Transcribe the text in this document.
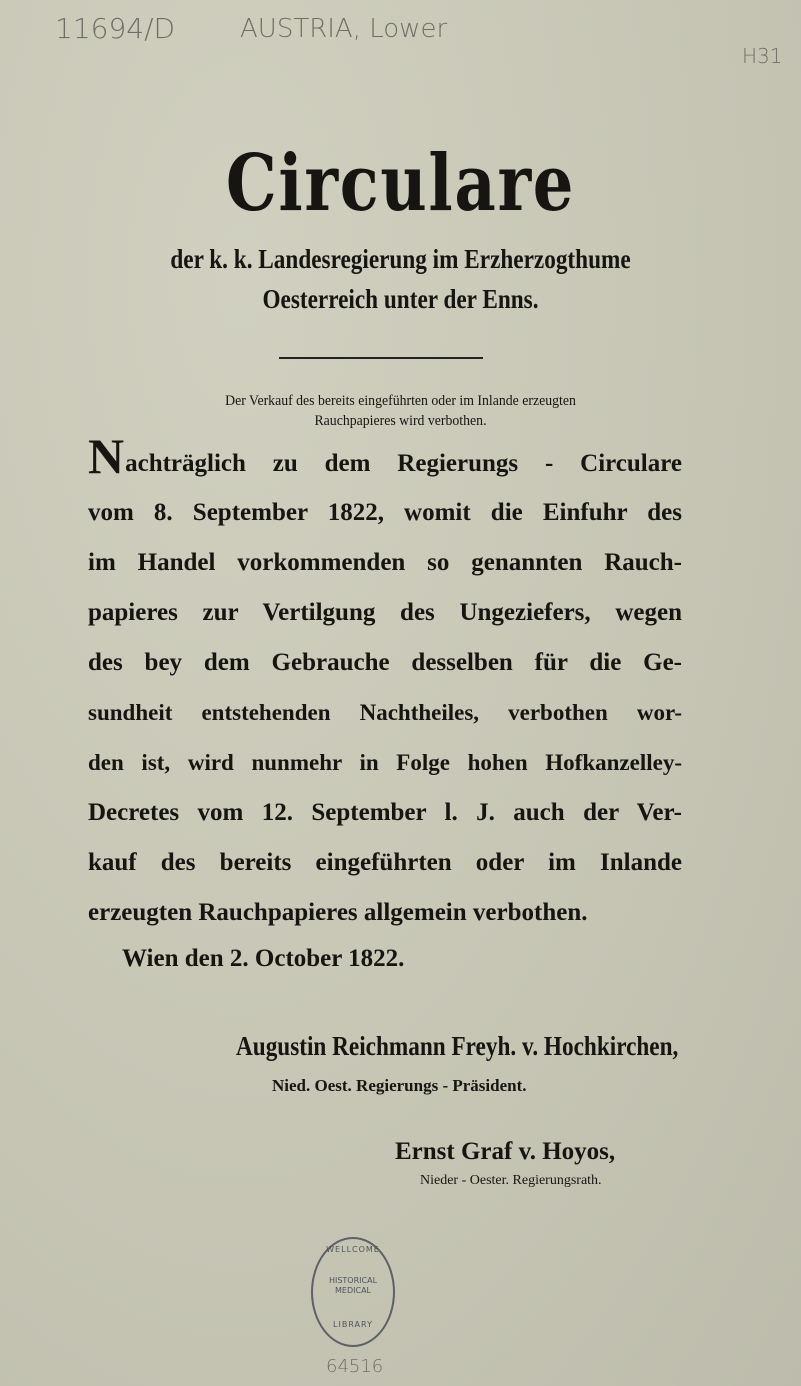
11694/D AUSTRIA, Lower
H31
Circulare
der k. k. Landesregierung im Erzherzogthume
Oesterreich unter der Enns.
Der Verkauf des bereits eingeführten oder im Inlande erzeugten
Rauchpapieres wird verbothen.
Nachträglich zu dem Regierungs - Circulare
vom 8. September 1822, womit die Einfuhr des
im Handel vorkommenden so genannten Rauch-
papieres zur Vertilgung des Ungeziefers, wegen
des bey dem Gebrauche desselben für die Ge-
sundheit entstehenden Nachtheiles, verbothen wor-
den ist, wird nunmehr in Folge hohen Hofkanzelley-
Decretes vom 12. September l. J. auch der Ver-
kauf des bereits eingeführten oder im Inlande
erzeugten Rauchpapieres allgemein verbothen.
Wien den 2. October 1822.
Augustin Reichmann Freyh. v. Hochkirchen,
Nied. Oest. Regierungs - Präsident.
Ernst Graf v. Hoyos,
Nieder - Oester. Regierungsrath.
WELLCOME
HISTORICAL MEDICAL
LIBRARY
64516
